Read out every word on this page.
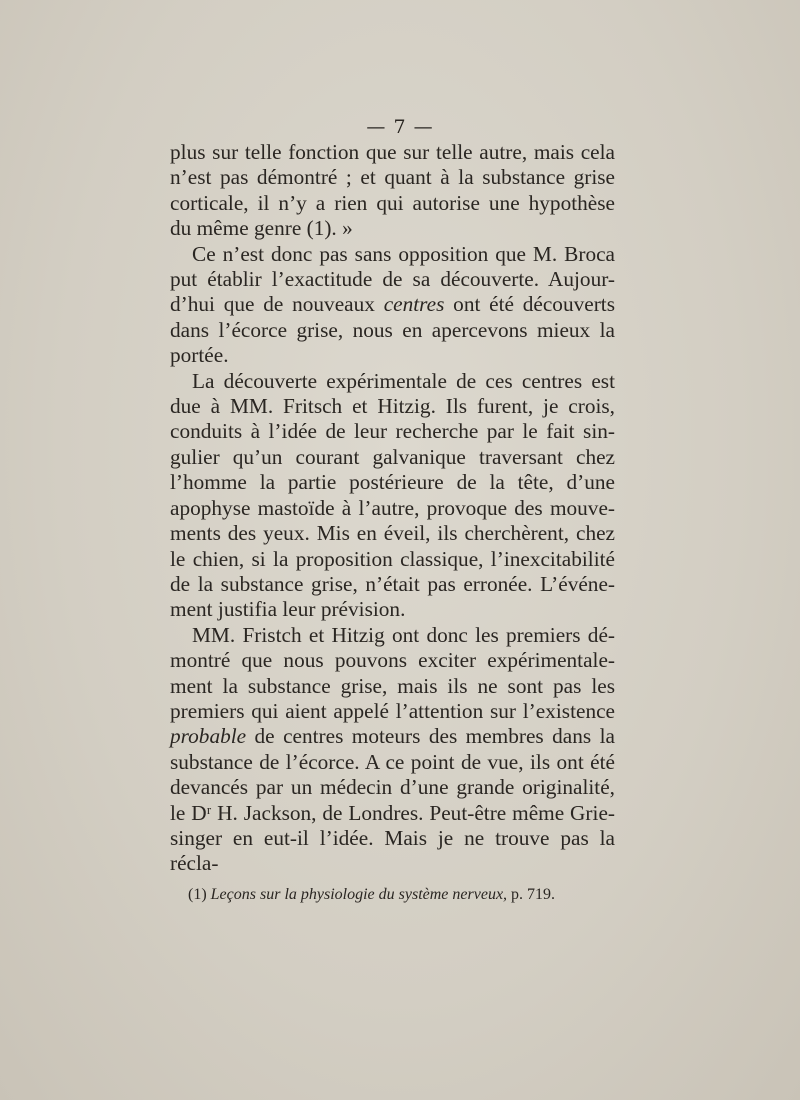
— 7 —

plus sur telle fonction que sur telle autre, mais cela

n’est pas démontré ; et quant à la substance grise

corticale, il n’y a rien qui autorise une hypothèse

du même genre (1). »

Ce n’est donc pas sans opposition que M. Broca

put établir l’exactitude de sa découverte. Aujour-

d’hui que de nouveaux centres ont été découverts

dans l’écorce grise, nous en apercevons mieux la

portée.

La découverte expérimentale de ces centres est

due à MM. Fritsch et Hitzig. Ils furent, je crois,

conduits à l’idée de leur recherche par le fait sin-

gulier qu’un courant galvanique traversant chez

l’homme la partie postérieure de la tête, d’une

apophyse mastoïde à l’autre, provoque des mouve-

ments des yeux. Mis en éveil, ils cherchèrent, chez

le chien, si la proposition classique, l’inexcitabilité

de la substance grise, n’était pas erronée. L’événe-

ment justifia leur prévision.

MM. Fristch et Hitzig ont donc les premiers dé-

montré que nous pouvons exciter expérimentale-

ment la substance grise, mais ils ne sont pas les

premiers qui aient appelé l’attention sur l’existence

probable de centres moteurs des membres dans la

substance de l’écorce. A ce point de vue, ils ont été

devancés par un médecin d’une grande originalité,

le Dʳ H. Jackson, de Londres. Peut-être même Grie-

singer en eut-il l’idée. Mais je ne trouve pas la récla-

(1) Leçons sur la physiologie du système nerveux, p. 719.
